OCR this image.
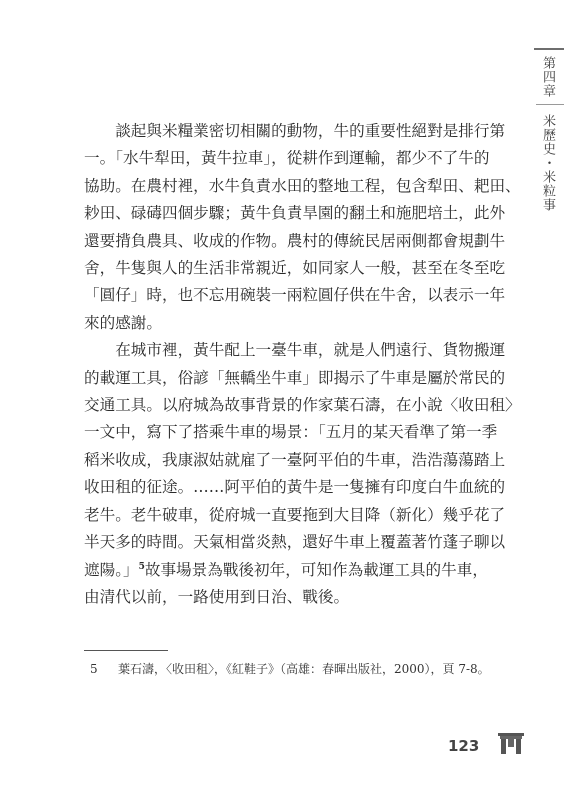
第四章
米歷史・米粒事

談起與米糧業密切相關的動物，牛的重要性絕對是排行第
一。「水牛犁田，黃牛拉車」，從耕作到運輸，都少不了牛的
協助。在農村裡，水牛負責水田的整地工程，包含犁田、耙田、
耖田、碌碡四個步驟；黃牛負責旱園的翻土和施肥培土，此外
還要揹負農具、收成的作物。農村的傳統民居兩側都會規劃牛
舍，牛隻與人的生活非常親近，如同家人一般，甚至在冬至吃
「圓仔」時，也不忘用碗裝一兩粒圓仔供在牛舍，以表示一年
來的感謝。

在城市裡，黃牛配上一臺牛車，就是人們遠行、貨物搬運
的載運工具，俗諺「無轎坐牛車」即揭示了牛車是屬於常民的
交通工具。以府城為故事背景的作家葉石濤，在小說〈收田租〉
一文中，寫下了搭乘牛車的場景：「五月的某天看準了第一季
稻米收成，我康淑姑就雇了一臺阿平伯的牛車，浩浩蕩蕩踏上
收田租的征途。……阿平伯的黃牛是一隻擁有印度白牛血統的
老牛。老牛破車，從府城一直要拖到大目降（新化）幾乎花了
半天多的時間。天氣相當炎熱，還好牛車上覆蓋著竹蓬子聊以
遮陽。」$^5$故事場景為戰後初年，可知作為載運工具的牛車，
由清代以前，一路使用到日治、戰後。

5 葉石濤，〈收田租〉，《紅鞋子》（高雄：春暉出版社，2000），頁 7-8。
123
